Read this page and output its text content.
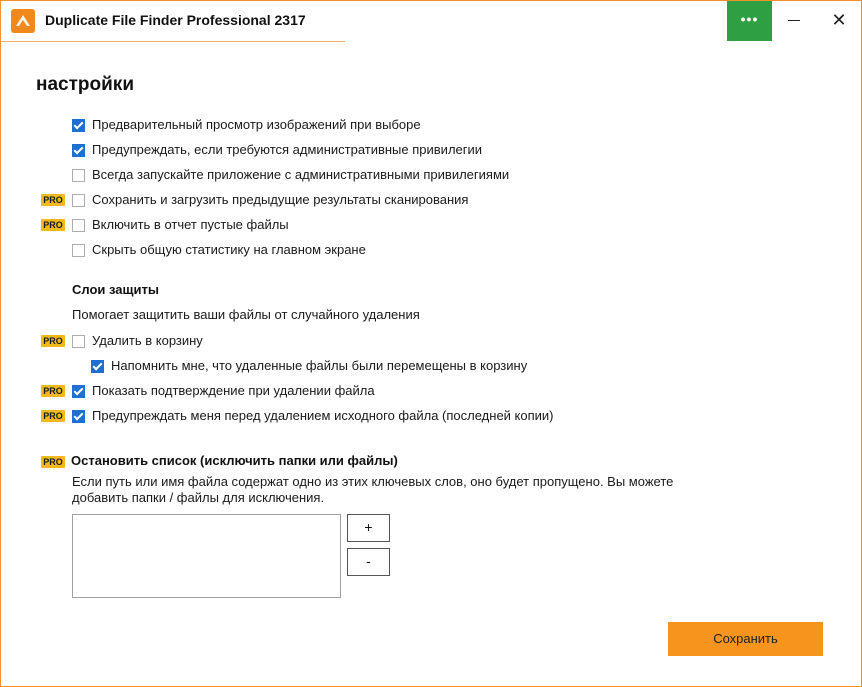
Duplicate File Finder Professional 2317	•••	✕
настройки
Предварительный просмотр изображений при выборе
Предупреждать, если требуются административные привилегии
Всегда запускайте приложение с административными привилегиями
PRO Сохранить и загрузить предыдущие результаты сканирования
PRO Включить в отчет пустые файлы
Скрыть общую статистику на главном экране
Слои защиты
Помогает защитить ваши файлы от случайного удаления
PRO Удалить в корзину
Напомнить мне, что удаленные файлы были перемещены в корзину
PRO Показать подтверждение при удалении файла
PRO Предупреждать меня перед удалением исходного файла (последней копии)
PRO Остановить список (исключить папки или файлы)
Если путь или имя файла содержат одно из этих ключевых слов, оно будет пропущено. Вы можете
добавить папки / файлы для исключения.
+
-
Сохранить
